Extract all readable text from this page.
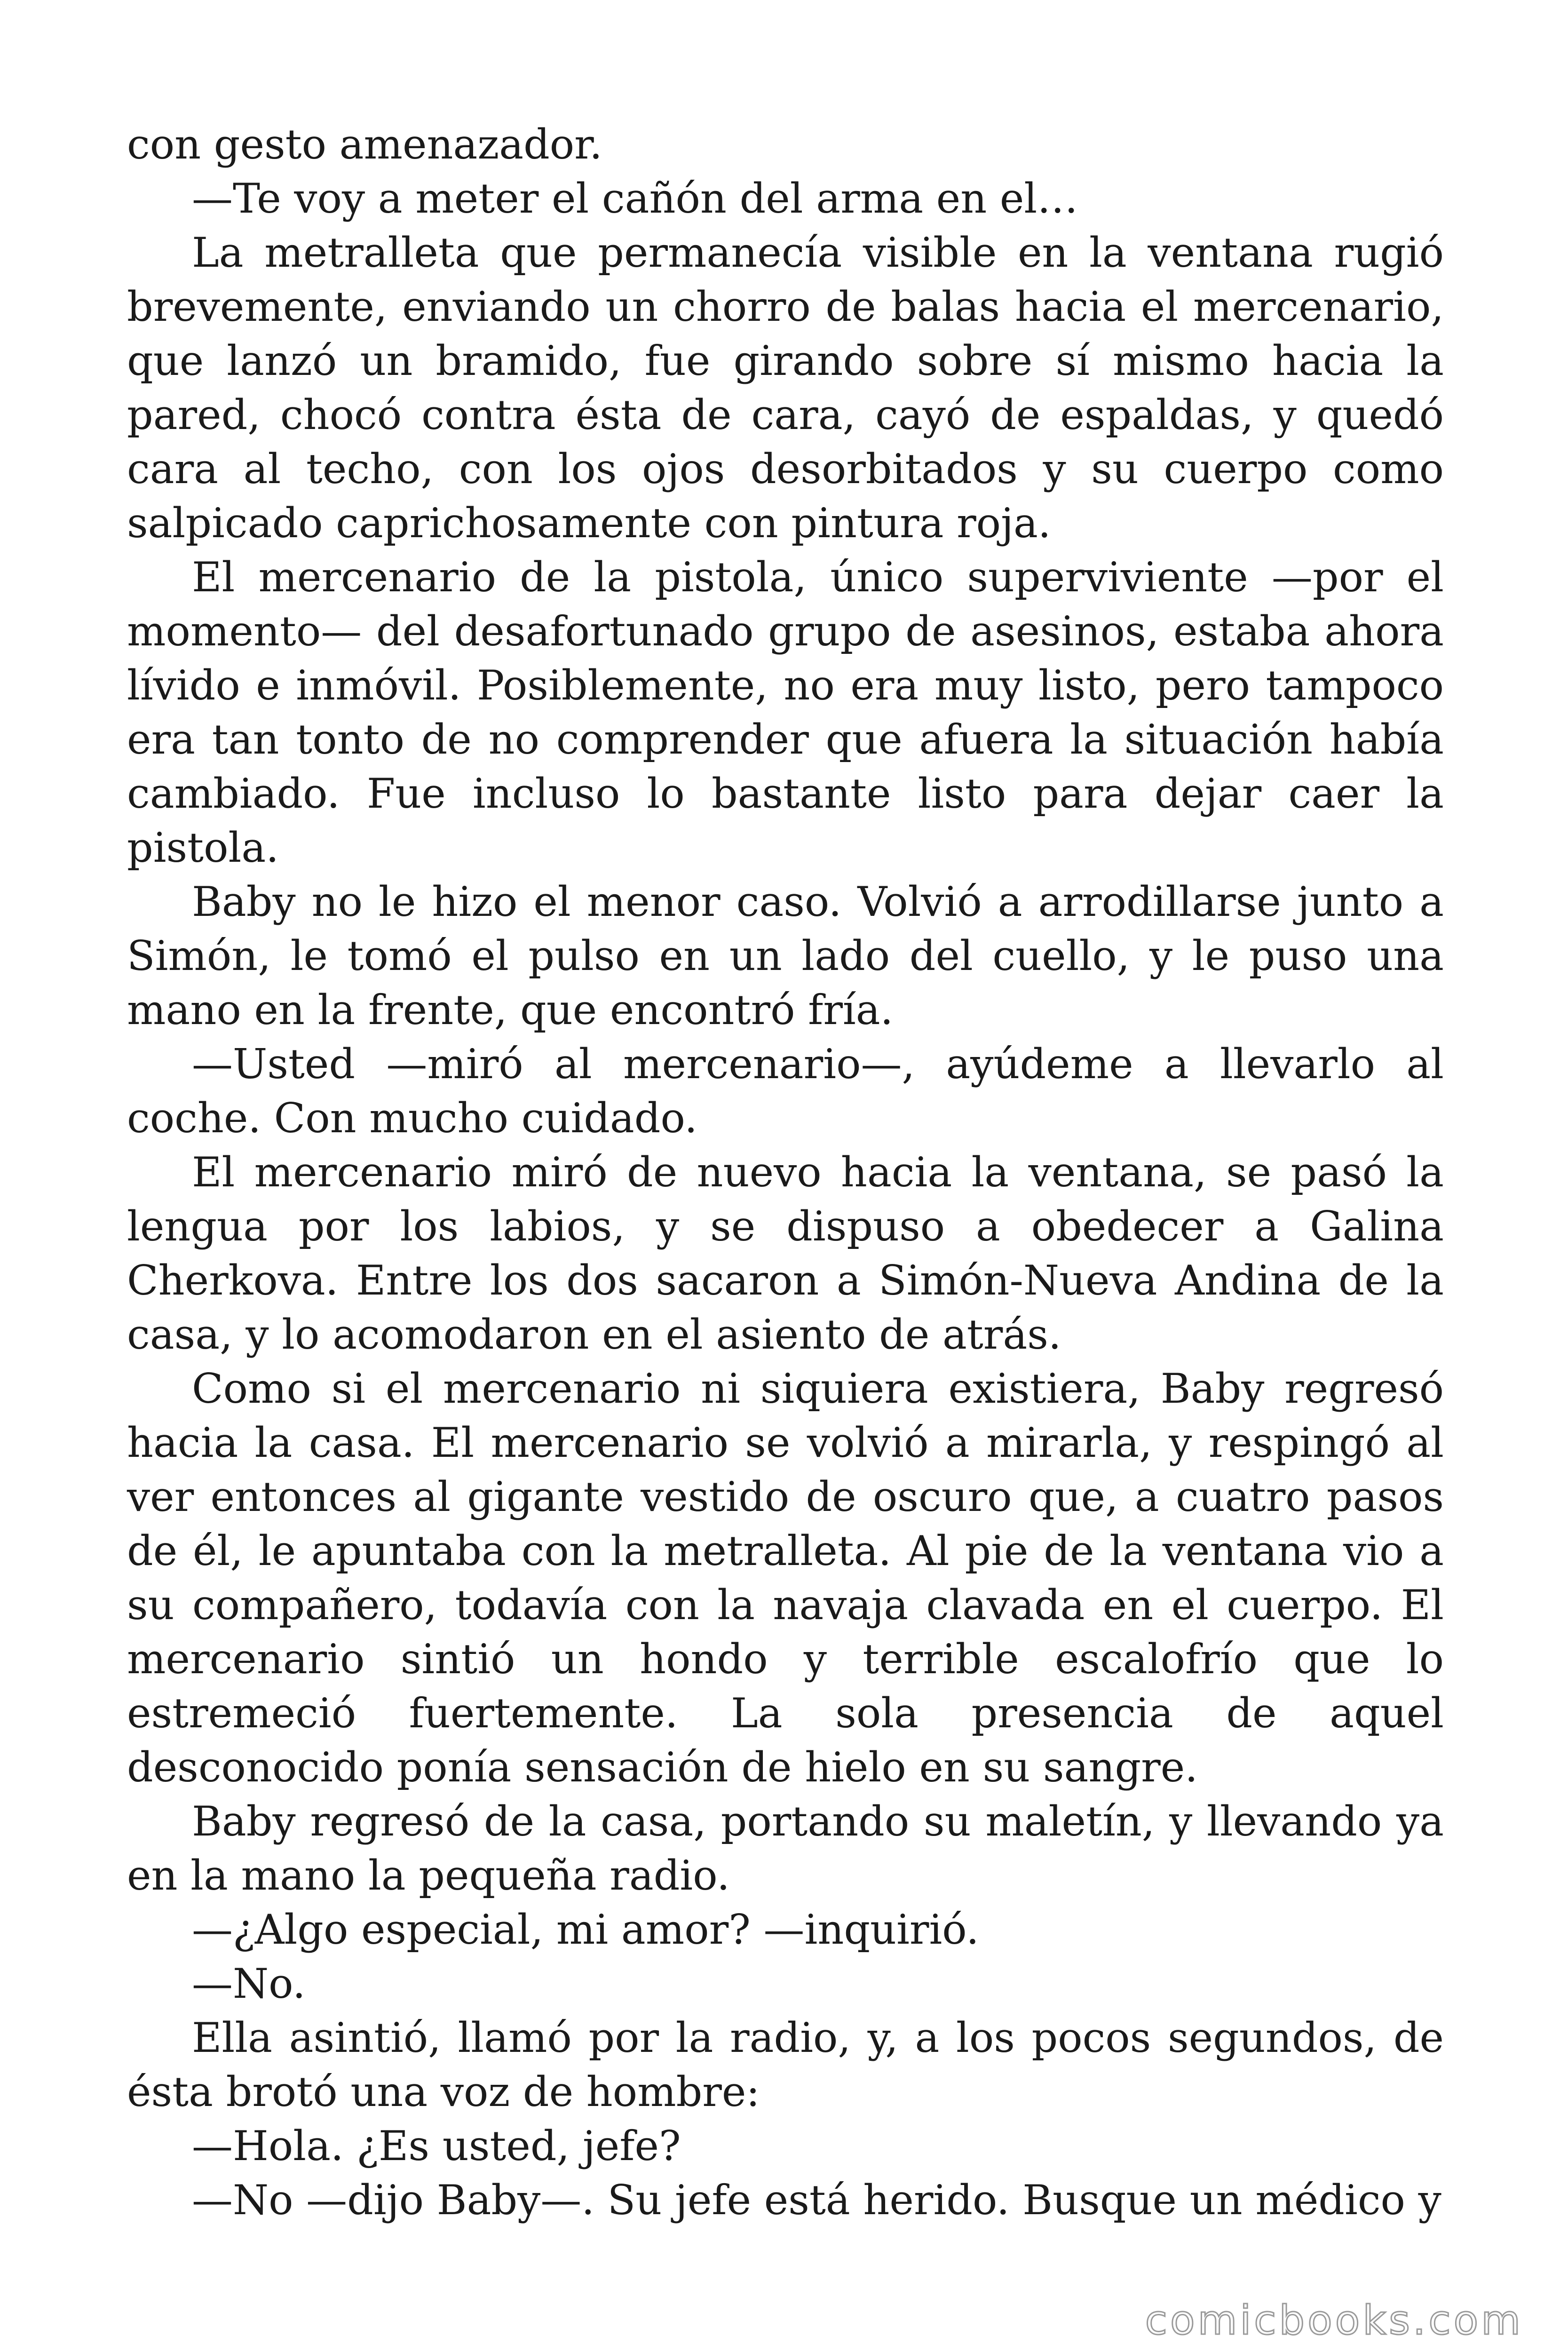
con gesto amenazador.

—Te voy a meter el cañón del arma en el…

La metralleta que permanecía visible en la ventana rugió brevemente, enviando un chorro de balas hacia el mercenario, que lanzó un bramido, fue girando sobre sí mismo hacia la pared, chocó contra ésta de cara, cayó de espaldas, y quedó cara al techo, con los ojos desorbitados y su cuerpo como salpicado caprichosamente con pintura roja.

El mercenario de la pistola, único superviviente —por el momento— del desafortunado grupo de asesinos, estaba ahora lívido e inmóvil. Posiblemente, no era muy listo, pero tampoco era tan tonto de no comprender que afuera la situación había cambiado. Fue incluso lo bastante listo para dejar caer la pistola.

Baby no le hizo el menor caso. Volvió a arrodillarse junto a Simón, le tomó el pulso en un lado del cuello, y le puso una mano en la frente, que encontró fría.

—Usted —miró al mercenario—, ayúdeme a llevarlo al coche. Con mucho cuidado.

El mercenario miró de nuevo hacia la ventana, se pasó la lengua por los labios, y se dispuso a obedecer a Galina Cherkova. Entre los dos sacaron a Simón-Nueva Andina de la casa, y lo acomodaron en el asiento de atrás.

Como si el mercenario ni siquiera existiera, Baby regresó hacia la casa. El mercenario se volvió a mirarla, y respingó al ver entonces al gigante vestido de oscuro que, a cuatro pasos de él, le apuntaba con la metralleta. Al pie de la ventana vio a su compañero, todavía con la navaja clavada en el cuerpo. El mercenario sintió un hondo y terrible escalofrío que lo estremeció fuertemente. La sola presencia de aquel desconocido ponía sensación de hielo en su sangre.

Baby regresó de la casa, portando su maletín, y llevando ya en la mano la pequeña radio.

—¿Algo especial, mi amor? —inquirió.

—No.

Ella asintió, llamó por la radio, y, a los pocos segundos, de ésta brotó una voz de hombre:

—Hola. ¿Es usted, jefe?

—No —dijo Baby—. Su jefe está herido. Busque un médico y

comicbooks.com
